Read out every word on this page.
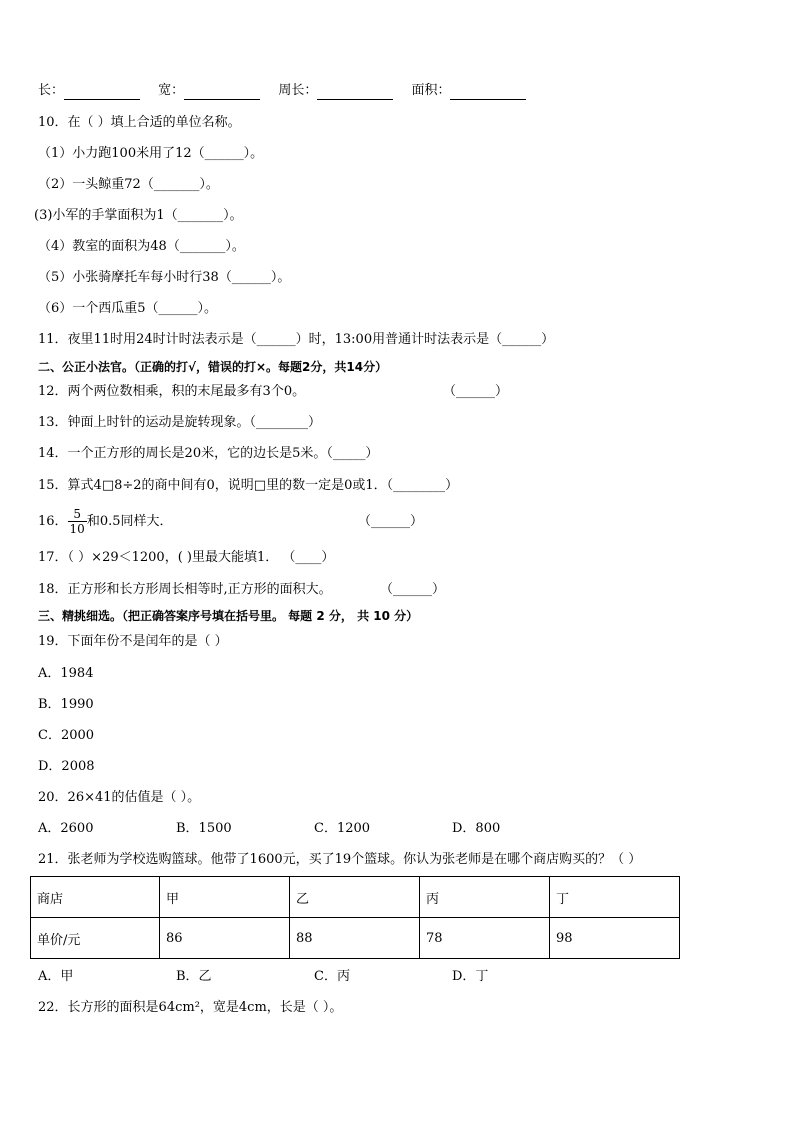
长：	宽：	周长：	面积：
10．在（ ）填上合适的单位名称。
（1）小力跑100米用了12（______）。
（2）一头鲸重72（_______）。
(3)小军的手掌面积为1（_______）。
（4）教室的面积为48（_______）。
（5）小张骑摩托车每小时行38（______）。
（6）一个西瓜重5（______）。
11．夜里11时用24时计时法表示是（______）时，13:00用普通计时法表示是（______）
二、公正小法官。（正确的打√，错误的打×。每题2分，共14分）
12．两个两位数相乘，积的末尾最多有3个0。	（______）
13．钟面上时针的运动是旋转现象。（________）
14．一个正方形的周长是20米，它的边长是5米。（_____）
15．算式4□8÷2的商中间有0，说明□里的数一定是0或1．（________）
16． $\frac{5}{10}$ 和0.5同样大．	（______）
17．（ ）×29＜1200，( )里最大能填1． （____）
18．正方形和长方形周长相等时,正方形的面积大。	（______）
三、精挑细选。（把正确答案序号填在括号里。 每题 2 分， 共 10 分）
19．下面年份不是闰年的是（ ）
A．1984
B．1990
C．2000
D．2008
20．26×41的估值是（ ）。
A．2600	B．1500	C．1200	D．800
21．张老师为学校选购篮球。他带了1600元，买了19个篮球。你认为张老师是在哪个商店购买的？（ ）
商店	甲	乙	丙	丁
单价/元	86	88	78	98
A．甲	B．乙	C．丙	D．丁
22．长方形的面积是64cm²，宽是4cm，长是（ ）。
